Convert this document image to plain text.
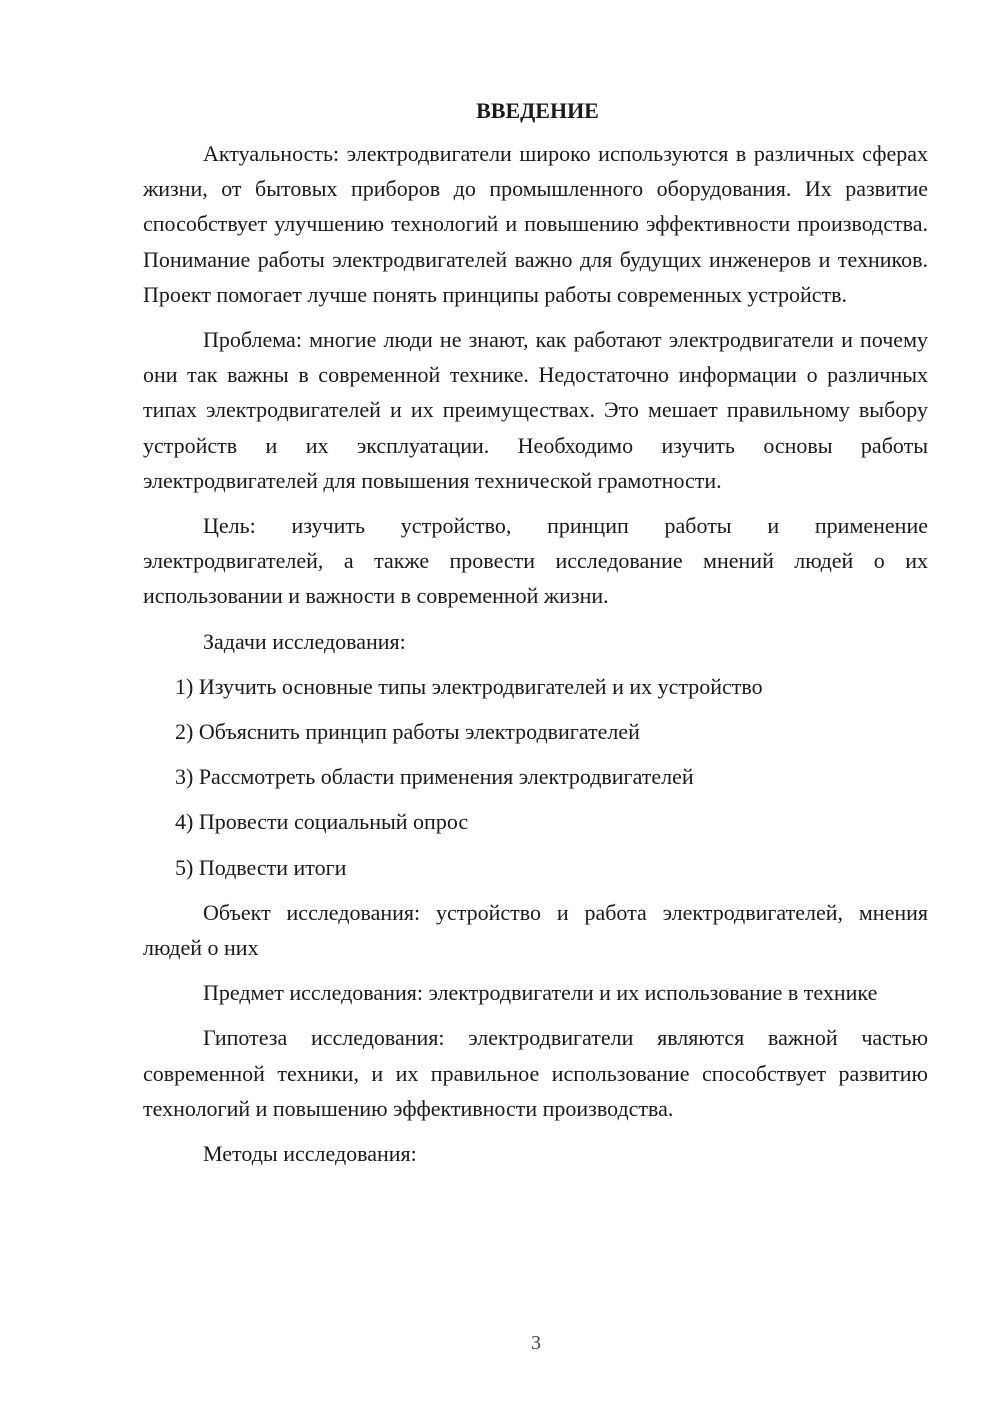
ВВЕДЕНИЕ

Актуальность: электродвигатели широко используются в различных сферах жизни, от бытовых приборов до промышленного оборудования. Их развитие способствует улучшению технологий и повышению эффективности производства. Понимание работы электродвигателей важно для будущих инженеров и техников. Проект помогает лучше понять принципы работы современных устройств.

Проблема: многие люди не знают, как работают электродвигатели и почему они так важны в современной технике. Недостаточно информации о различных типах электродвигателей и их преимуществах. Это мешает правильному выбору устройств и их эксплуатации. Необходимо изучить основы работы электродвигателей для повышения технической грамотности.

Цель: изучить устройство, принцип работы и применение электродвигателей, а также провести исследование мнений людей о их использовании и важности в современной жизни.

Задачи исследования:

1) Изучить основные типы электродвигателей и их устройство
2) Объяснить принцип работы электродвигателей
3) Рассмотреть области применения электродвигателей
4) Провести социальный опрос
5) Подвести итоги

Объект исследования: устройство и работа электродвигателей, мнения людей о них

Предмет исследования: электродвигатели и их использование в технике

Гипотеза исследования: электродвигатели являются важной частью современной техники, и их правильное использование способствует развитию технологий и повышению эффективности производства.

Методы исследования:

3
